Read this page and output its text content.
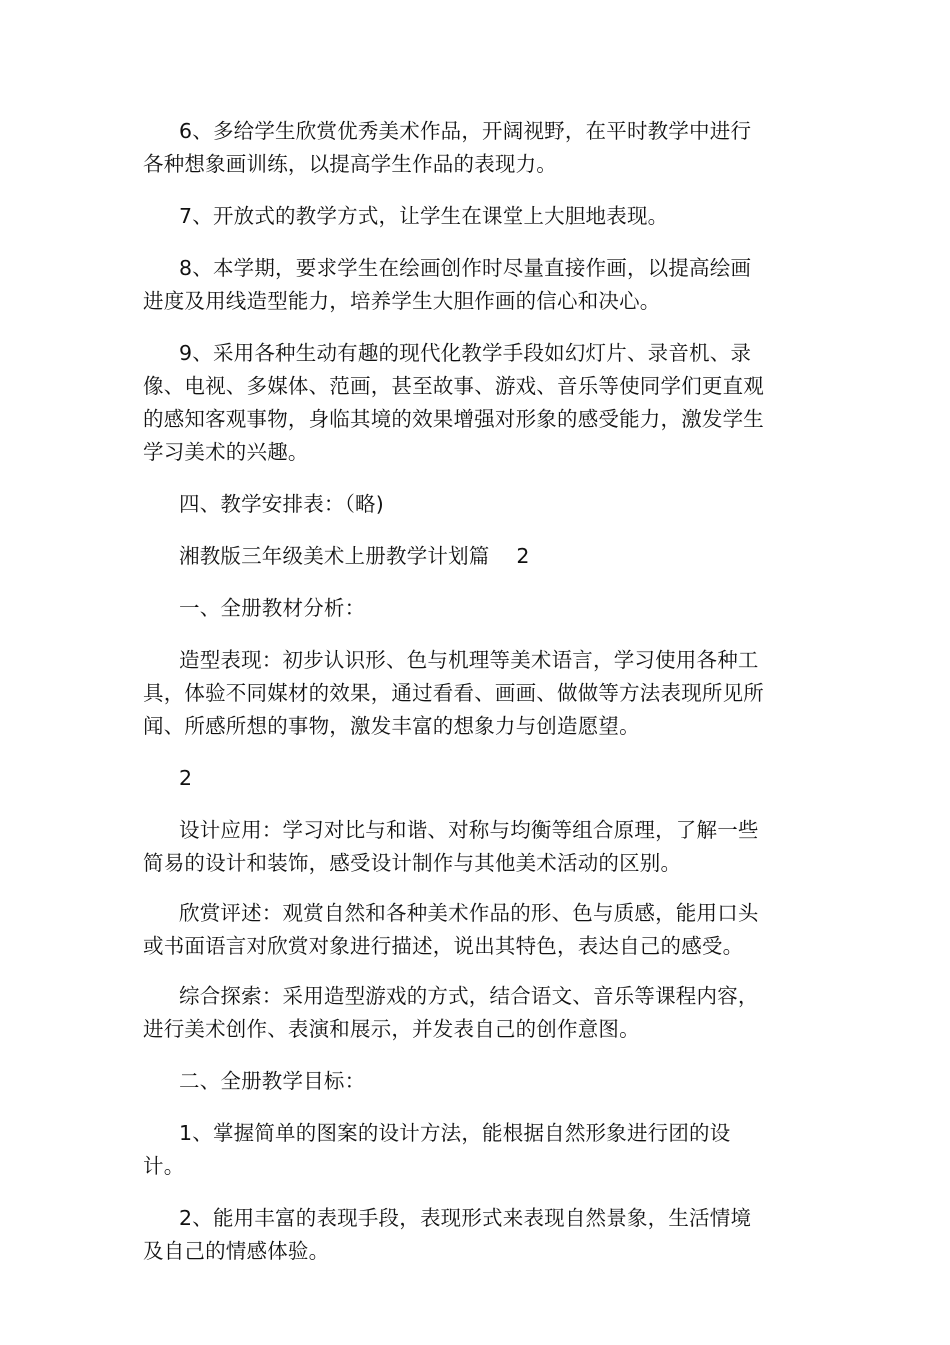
6、多给学生欣赏优秀美术作品，开阔视野，在平时教学中进行各种想象画训练，以提高学生作品的表现力。

7、开放式的教学方式，让学生在课堂上大胆地表现。

8、本学期，要求学生在绘画创作时尽量直接作画，以提高绘画进度及用线造型能力，培养学生大胆作画的信心和决心。

9、采用各种生动有趣的现代化教学手段如幻灯片、录音机、录像、电视、多媒体、范画，甚至故事、游戏、音乐等使同学们更直观的感知客观事物，身临其境的效果增强对形象的感受能力，激发学生学习美术的兴趣。

四、教学安排表：（略)

湘教版三年级美术上册教学计划篇    2

一、全册教材分析：

造型表现：初步认识形、色与机理等美术语言，学习使用各种工具，体验不同媒材的效果，通过看看、画画、做做等方法表现所见所闻、所感所想的事物，激发丰富的想象力与创造愿望。

2

设计应用：学习对比与和谐、对称与均衡等组合原理，了解一些简易的设计和装饰，感受设计制作与其他美术活动的区别。

欣赏评述：观赏自然和各种美术作品的形、色与质感，能用口头或书面语言对欣赏对象进行描述，说出其特色，表达自己的感受。

综合探索：采用造型游戏的方式，结合语文、音乐等课程内容，进行美术创作、表演和展示，并发表自己的创作意图。

二、全册教学目标：

1、掌握简单的图案的设计方法，能根据自然形象进行团的设计。

2、能用丰富的表现手段，表现形式来表现自然景象，生活情境及自己的情感体验。
